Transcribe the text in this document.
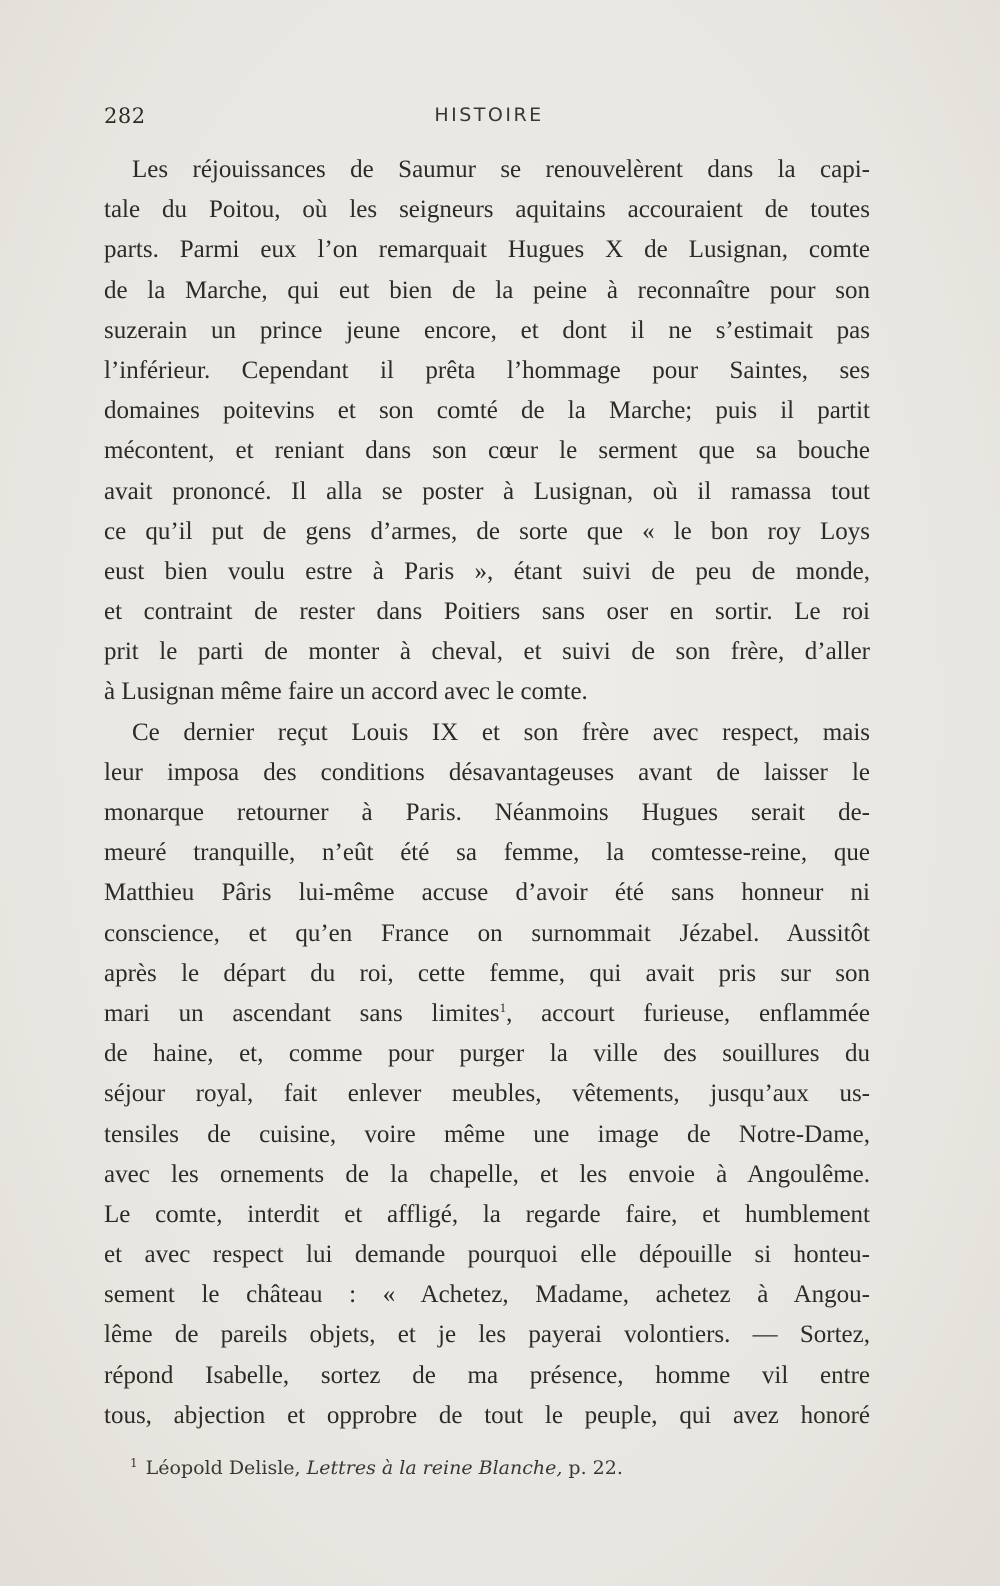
282	HISTOIRE
Les réjouissances de Saumur se renouvelèrent dans la capi-
tale du Poitou, où les seigneurs aquitains accouraient de toutes
parts. Parmi eux l’on remarquait Hugues X de Lusignan, comte
de la Marche, qui eut bien de la peine à reconnaître pour son
suzerain un prince jeune encore, et dont il ne s’estimait pas
l’inférieur. Cependant il prêta l’hommage pour Saintes, ses
domaines poitevins et son comté de la Marche; puis il partit
mécontent, et reniant dans son cœur le serment que sa bouche
avait prononcé. Il alla se poster à Lusignan, où il ramassa tout
ce qu’il put de gens d’armes, de sorte que « le bon roy Loys
eust bien voulu estre à Paris », étant suivi de peu de monde,
et contraint de rester dans Poitiers sans oser en sortir. Le roi
prit le parti de monter à cheval, et suivi de son frère, d’aller
à Lusignan même faire un accord avec le comte.
Ce dernier reçut Louis IX et son frère avec respect, mais
leur imposa des conditions désavantageuses avant de laisser le
monarque retourner à Paris. Néanmoins Hugues serait de-
meuré tranquille, n’eût été sa femme, la comtesse-reine, que
Matthieu Pâris lui-même accuse d’avoir été sans honneur ni
conscience, et qu’en France on surnommait Jézabel. Aussitôt
après le départ du roi, cette femme, qui avait pris sur son
mari un ascendant sans limites$^1$, accourt furieuse, enflammée
de haine, et, comme pour purger la ville des souillures du
séjour royal, fait enlever meubles, vêtements, jusqu’aux us-
tensiles de cuisine, voire même une image de Notre-Dame,
avec les ornements de la chapelle, et les envoie à Angoulême.
Le comte, interdit et affligé, la regarde faire, et humblement
et avec respect lui demande pourquoi elle dépouille si honteu-
sement le château : « Achetez, Madame, achetez à Angou-
lême de pareils objets, et je les payerai volontiers. — Sortez,
répond Isabelle, sortez de ma présence, homme vil entre
tous, abjection et opprobre de tout le peuple, qui avez honoré
$^1$ Léopold Delisle, Lettres à la reine Blanche, p. 22.
